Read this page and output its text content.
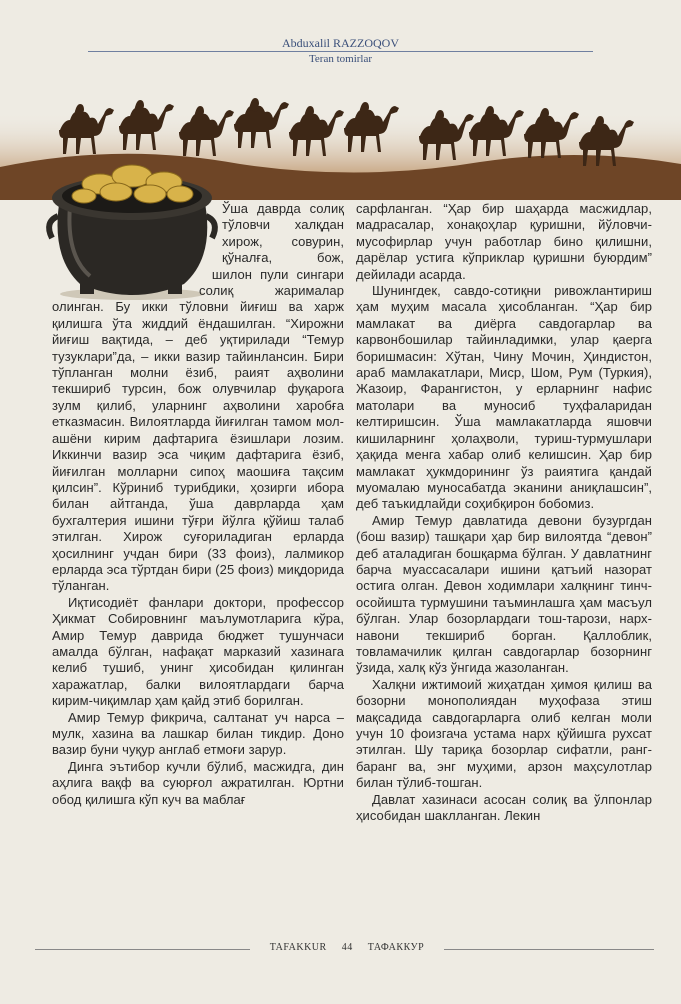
Abduxalil RAZZOQOV
Teran tomirlar

Ўша даврда солиқ тўловчи халқдан хирож, совурин, қўналға, бож, шилон пули сингари солиқ жарималар олинган. Бу икки тўловни йиғиш ва харж қилишга ўта жиддий ёндашилган. “Хирожни йиғиш вақтида, – деб уқтирилади “Темур тузуклари”да, – икки вазир тайинлансин. Бири тўпланган молни ёзиб, раият аҳволини текшириб турсин, бож олувчилар фуқарога зулм қилиб, уларнинг аҳволини харобға етказмасин. Вилоятларда йиғилган тамом мол-ашёни кирим дафтарига ёзишлари лозим. Иккинчи вазир эса чиқим дафтарига ёзиб, йиғилган молларни сипоҳ маошиға тақсим қилсин”. Кўриниб турибдики, ҳозирги ибора билан айтганда, ўша даврларда ҳам бухгалтерия ишини тўғри йўлга қўйиш талаб этилган. Хирож суғориладиган ерларда ҳосилнинг учдан бири (33 фоиз), лалмикор ерларда эса тўртдан бири (25 фоиз) миқдорида тўланган.

Иқтисодиёт фанлари доктори, профессор Ҳикмат Собировнинг маълумотларига кўра, Амир Темур даврида бюджет тушунчаси амалда бўлган, нафақат марказий хазинага келиб тушиб, унинг ҳисобидан қилинган харажатлар, балки вилоятлардаги барча кирим-чиқимлар ҳам қайд этиб борилган.

Амир Темур фикрича, салтанат уч нарса – мулк, хазина ва лашкар билан тикдир. Доно вазир буни чуқур англаб етмоғи зарур.

Динга эътибор кучли бўлиб, масжидга, дин аҳлига вақф ва суюрғол ажратилган. Юртни обод қилишга кўп куч ва маблағ

сарфланган. “Ҳар бир шаҳарда масжидлар, мадрасалар, хонақоҳлар қуришни, йўловчи-мусофирлар учун работлар бино қилишни, дарёлар устига кўприклар қуришни буюрдим” дейилади асарда.

Шунингдек, савдо-сотиқни ривожлантириш ҳам муҳим масала ҳисобланган. “Ҳар бир мамлакат ва диёрга савдогарлар ва карвонбошилар тайинладимки, улар қаерга боришмасин: Хўтан, Чину Мочин, Ҳиндистон, араб мамлакатлари, Миср, Шом, Рум (Туркия), Жазоир, Фарангистон, у ерларнинг нафис матолари ва муносиб туҳфаларидан келтиришсин. Ўша мамлакатларда яшовчи кишиларнинг ҳолаҳволи, туриш-турмушлари ҳақида менга хабар олиб келишсин. Ҳар бир мамлакат ҳукмдорининг ўз раиятига қандай муомалаю муносабатда эканини аниқлашсин”, деб таъкидлайди соҳибқирон бобомиз.

Амир Темур давлатида девони бузургдан (бош вазир) ташқари ҳар бир вилоятда “девон” деб аталадиган бошқарма бўлган. У давлатнинг барча муассасалари ишини қатъий назорат остига олган. Девон ходимлари халқнинг тинч-осойишта турмушини таъминлашга ҳам масъул бўлган. Улар бозорлардаги тош-тарози, нарх-навони текшириб борган. Қаллоблик, товламачилик қилган савдогарлар бозорнинг ўзида, халқ кўз ўнгида жазоланган.

Халқни ижтимоий жиҳатдан ҳимоя қилиш ва бозорни монополиядан муҳофаза этиш мақсадида савдогарларга олиб келган моли учун 10 фоизгача устама нарх қўйишга рухсат этилган. Шу тариқа бозорлар сифатли, ранг-баранг ва, энг муҳими, арзон маҳсулотлар билан тўлиб-тошган.

Давлат хазинаси асосан солиқ ва ўлпонлар ҳисобидан шаклланган. Лекин

TAFAKKUR 44 ТАФАККУР
